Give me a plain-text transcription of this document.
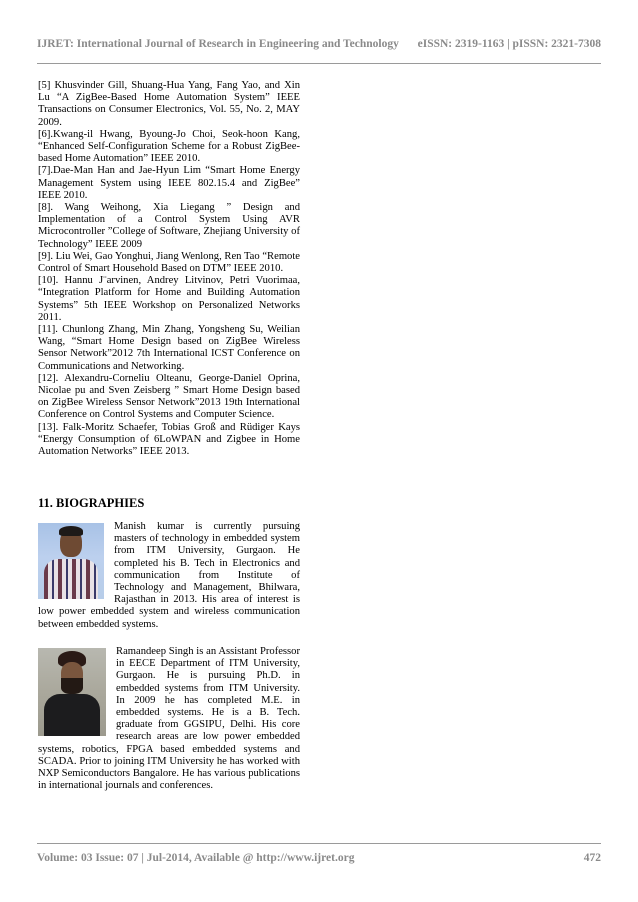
IJRET: International Journal of Research in Engineering and Technology eISSN: 2319-1163 | pISSN: 2321-7308

[5] Khusvinder Gill, Shuang-Hua Yang, Fang Yao, and Xin Lu “A ZigBee-Based Home Automation System” IEEE Transactions on Consumer Electronics, Vol. 55, No. 2, MAY 2009.

[6].Kwang-il Hwang, Byoung-Jo Choi, Seok-hoon Kang, “Enhanced Self-Configuration Scheme for a Robust ZigBee-based Home Automation” IEEE 2010.

[7].Dae-Man Han and Jae-Hyun Lim “Smart Home Energy Management System using IEEE 802.15.4 and ZigBee” IEEE 2010.

[8]. Wang Weihong, Xia Liegang ” Design and Implementation of a Control System Using AVR Microcontroller ”College of Software, Zhejiang University of Technology” IEEE 2009

[9]. Liu Wei, Gao Yonghui, Jiang Wenlong, Ren Tao “Remote Control of Smart Household Based on DTM” IEEE 2010.

[10]. Hannu J¨arvinen, Andrey Litvinov, Petri Vuorimaa, “Integration Platform for Home and Building Automation Systems” 5th IEEE Workshop on Personalized Networks 2011.

[11]. Chunlong Zhang, Min Zhang, Yongsheng Su, Weilian Wang, “Smart Home Design based on ZigBee Wireless Sensor Network”2012 7th International ICST Conference on Communications and Networking.

[12]. Alexandru-Corneliu Olteanu, George-Daniel Oprina, Nicolae pu and Sven Zeisberg ” Smart Home Design based on ZigBee Wireless Sensor Network”2013 19th International Conference on Control Systems and Computer Science.

[13]. Falk-Moritz Schaefer, Tobias Groß and Rüdiger Kays “Energy Consumption of 6LoWPAN and Zigbee in Home Automation Networks” IEEE 2013.

11. BIOGRAPHIES

Manish kumar is currently pursuing masters of technology in embedded system from ITM University, Gurgaon. He completed his B. Tech in Electronics and communication from Institute of Technology and Management, Bhilwara, Rajasthan in 2013. His area of interest is low power embedded system and wireless communication between embedded systems.

Ramandeep Singh is an Assistant Professor in EECE Department of ITM University, Gurgaon. He is pursuing Ph.D. in embedded systems from ITM University. In 2009 he has completed M.E. in embedded systems. He is a B. Tech. graduate from GGSIPU, Delhi. His core research areas are low power embedded systems, robotics, FPGA based embedded systems and SCADA. Prior to joining ITM University he has worked with NXP Semiconductors Bangalore. He has various publications in international journals and conferences.

Volume: 03 Issue: 07 | Jul-2014, Available @ http://www.ijret.org	472
